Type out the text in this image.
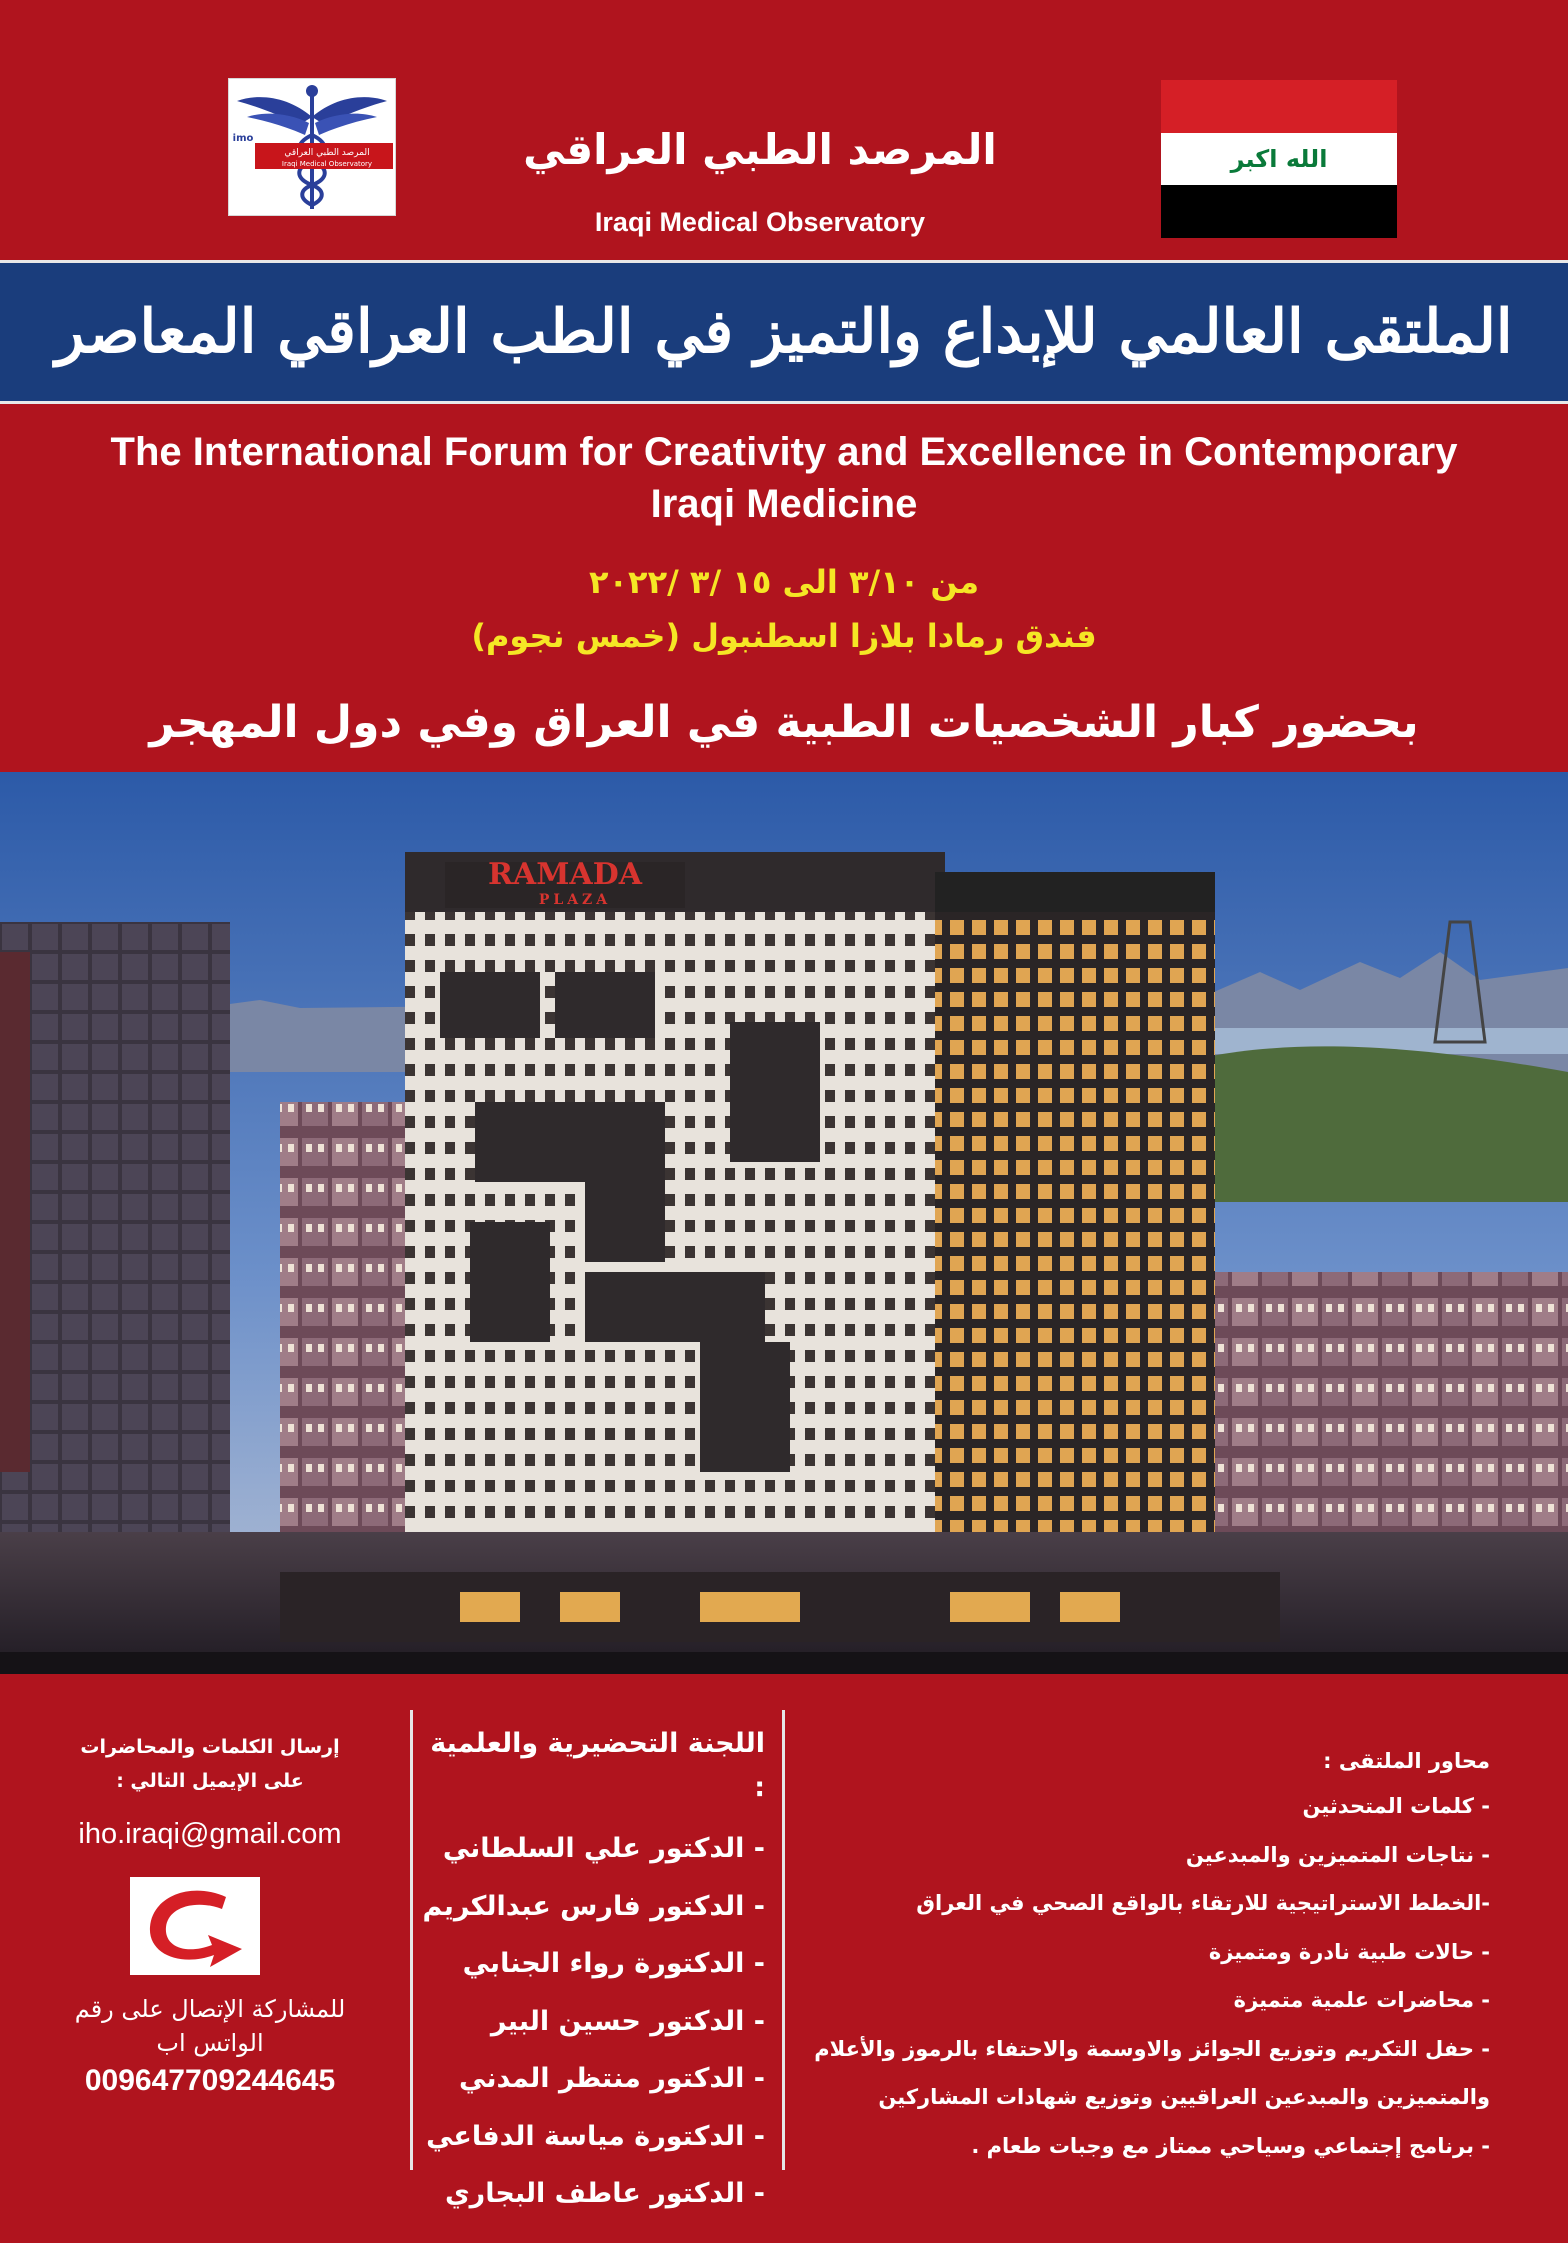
imo
المرصد الطبي العراقي
Iraqi Medical Observatory	المرصد الطبي العراقي
Iraqi Medical Observatory
الله اكبر
الملتقى العالمي للإبداع والتميز في الطب العراقي المعاصر
The International Forum for Creativity and Excellence in Contemporary Iraqi Medicine
من ٣/١٠ الى ١٥ /٣ /٢٠٢٢
فندق رمادا بلازا اسطنبول (خمس نجوم)
بحضور كبار الشخصيات الطبية في العراق وفي دول المهجر
RAMADA
PLAZA
إرسال الكلمات والمحاضرات على الإيميل التالي :
iho.iraqi@gmail.com
للمشاركة الإتصال على رقم الواتس اب
009647709244645
اللجنة التحضيرية والعلمية :
- الدكتور علي السلطاني
- الدكتور فارس عبدالكريم
- الدكتورة رواء الجنابي
- الدكتور حسين البير
- الدكتور منتظر المدني
- الدكتورة مياسة الدفاعي
- الدكتور عاطف البجاري
محاور الملتقى :
- كلمات المتحدثين
- نتاجات المتميزين والمبدعين
-الخطط الاستراتيجية للارتقاء بالواقع الصحي في العراق
- حالات طبية نادرة ومتميزة
- محاضرات علمية متميزة
- حفل التكريم وتوزيع الجوائز والاوسمة والاحتفاء بالرموز والأعلام
والمتميزين والمبدعين العراقيين وتوزيع شهادات المشاركين
- برنامج إجتماعي وسياحي ممتاز مع وجبات طعام .
